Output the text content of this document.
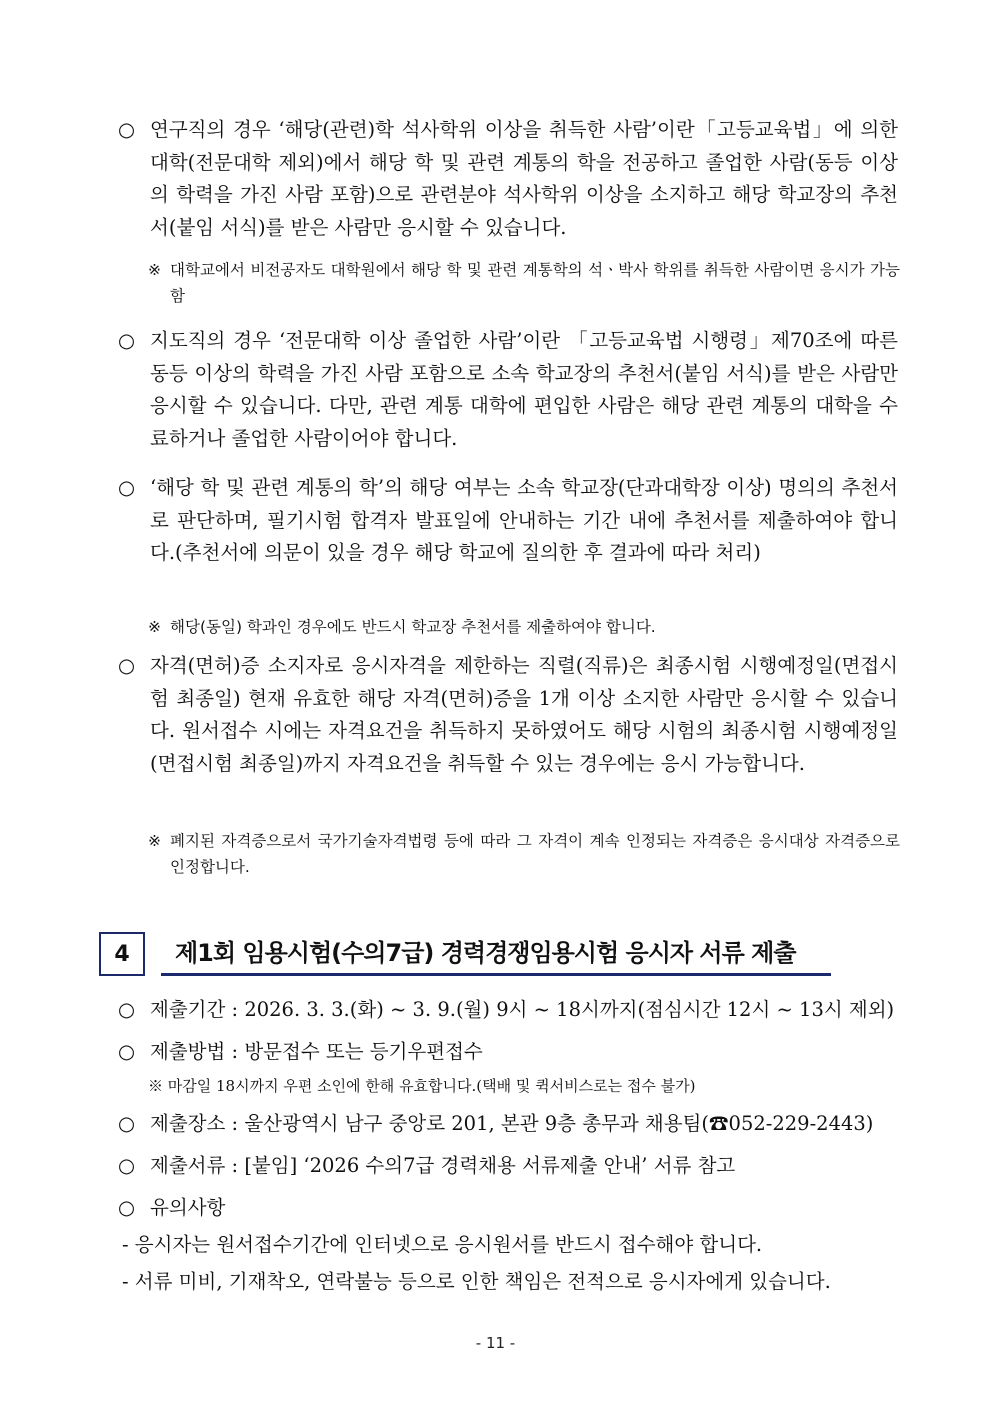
○ 연구직의 경우 ‘해당(관련)학 석사학위 이상을 취득한 사람’이란「고등교육법」에 의한 대학(전문대학 제외)에서 해당 학 및 관련 계통의 학을 전공하고 졸업한 사람(동등 이상의 학력을 가진 사람 포함)으로 관련분야 석사학위 이상을 소지하고 해당 학교장의 추천서(붙임 서식)를 받은 사람만 응시할 수 있습니다.
※ 대학교에서 비전공자도 대학원에서 해당 학 및 관련 계통학의 석ㆍ박사 학위를 취득한 사람이면 응시가 가능함
○ 지도직의 경우 ‘전문대학 이상 졸업한 사람’이란 「고등교육법 시행령」제70조에 따른 동등 이상의 학력을 가진 사람 포함으로 소속 학교장의 추천서(붙임 서식)를 받은 사람만 응시할 수 있습니다. 다만, 관련 계통 대학에 편입한 사람은 해당 관련 계통의 대학을 수료하거나 졸업한 사람이어야 합니다.
○ ‘해당 학 및 관련 계통의 학’의 해당 여부는 소속 학교장(단과대학장 이상) 명의의 추천서로 판단하며, 필기시험 합격자 발표일에 안내하는 기간 내에 추천서를 제출하여야 합니다.(추천서에 의문이 있을 경우 해당 학교에 질의한 후 결과에 따라 처리)
※ 해당(동일) 학과인 경우에도 반드시 학교장 추천서를 제출하여야 합니다.
○ 자격(면허)증 소지자로 응시자격을 제한하는 직렬(직류)은 최종시험 시행예정일(면접시험 최종일) 현재 유효한 해당 자격(면허)증을 1개 이상 소지한 사람만 응시할 수 있습니다. 원서접수 시에는 자격요건을 취득하지 못하였어도 해당 시험의 최종시험 시행예정일(면접시험 최종일)까지 자격요건을 취득할 수 있는 경우에는 응시 가능합니다.
※ 폐지된 자격증으로서 국가기술자격법령 등에 따라 그 자격이 계속 인정되는 자격증은 응시대상 자격증으로 인정합니다.
4	제1회 임용시험(수의7급) 경력경쟁임용시험 응시자 서류 제출
○ 제출기간 : 2026. 3. 3.(화) ~ 3. 9.(월) 9시 ~ 18시까지(점심시간 12시 ~ 13시 제외)
○ 제출방법 : 방문접수 또는 등기우편접수
※ 마감일 18시까지 우편 소인에 한해 유효합니다.(택배 및 퀵서비스로는 접수 불가)
○ 제출장소 : 울산광역시 남구 중앙로 201, 본관 9층 총무과 채용팀(☎052-229-2443)
○ 제출서류 : [붙임] ‘2026 수의7급 경력채용 서류제출 안내’ 서류 참고
○ 유의사항
- 응시자는 원서접수기간에 인터넷으로 응시원서를 반드시 접수해야 합니다.
- 서류 미비, 기재착오, 연락불능 등으로 인한 책임은 전적으로 응시자에게 있습니다.
- 11 -
